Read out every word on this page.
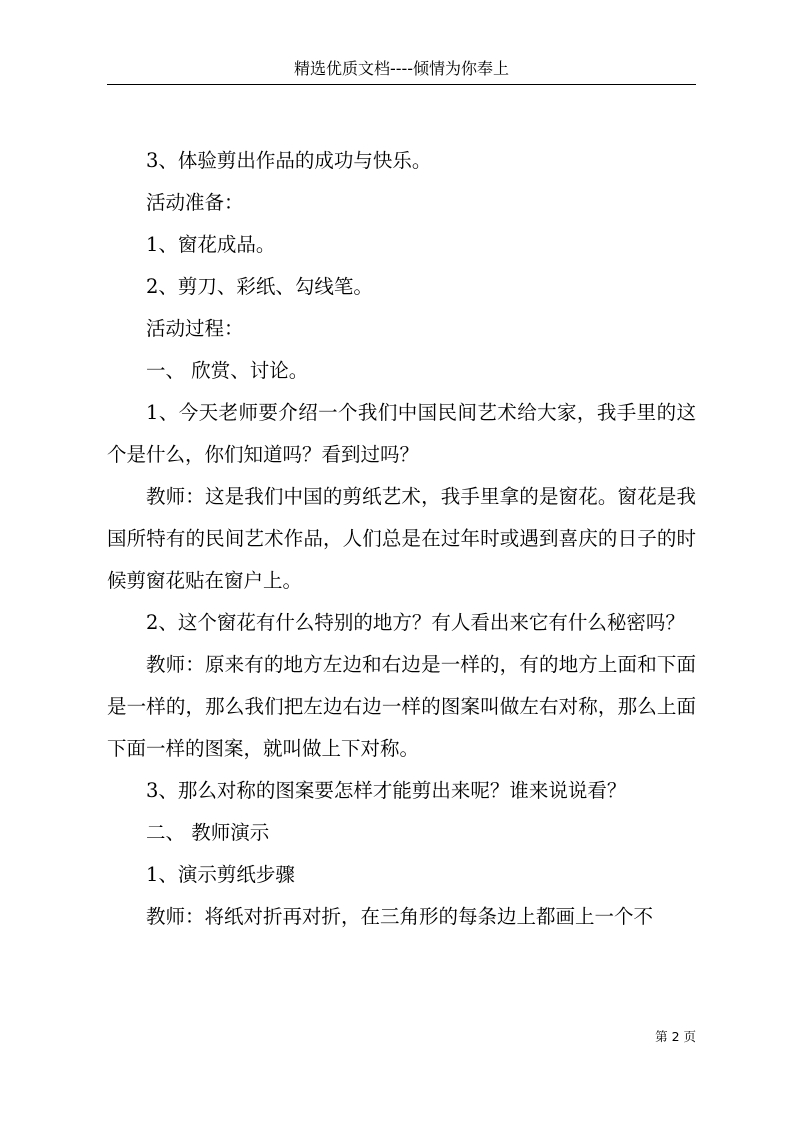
精选优质文档----倾情为你奉上

3、体验剪出作品的成功与快乐。

活动准备：

1、窗花成品。

2、剪刀、彩纸、勾线笔。

活动过程：

一、 欣赏、讨论。

1、今天老师要介绍一个我们中国民间艺术给大家，我手里的这个是什么，你们知道吗？看到过吗？

教师：这是我们中国的剪纸艺术，我手里拿的是窗花。窗花是我国所特有的民间艺术作品，人们总是在过年时或遇到喜庆的日子的时候剪窗花贴在窗户上。

2、这个窗花有什么特别的地方？有人看出来它有什么秘密吗？

教师：原来有的地方左边和右边是一样的，有的地方上面和下面是一样的，那么我们把左边右边一样的图案叫做左右对称，那么上面下面一样的图案，就叫做上下对称。

3、那么对称的图案要怎样才能剪出来呢？谁来说说看？

二、 教师演示

1、演示剪纸步骤

教师：将纸对折再对折，在三角形的每条边上都画上一个不

第 2 页
